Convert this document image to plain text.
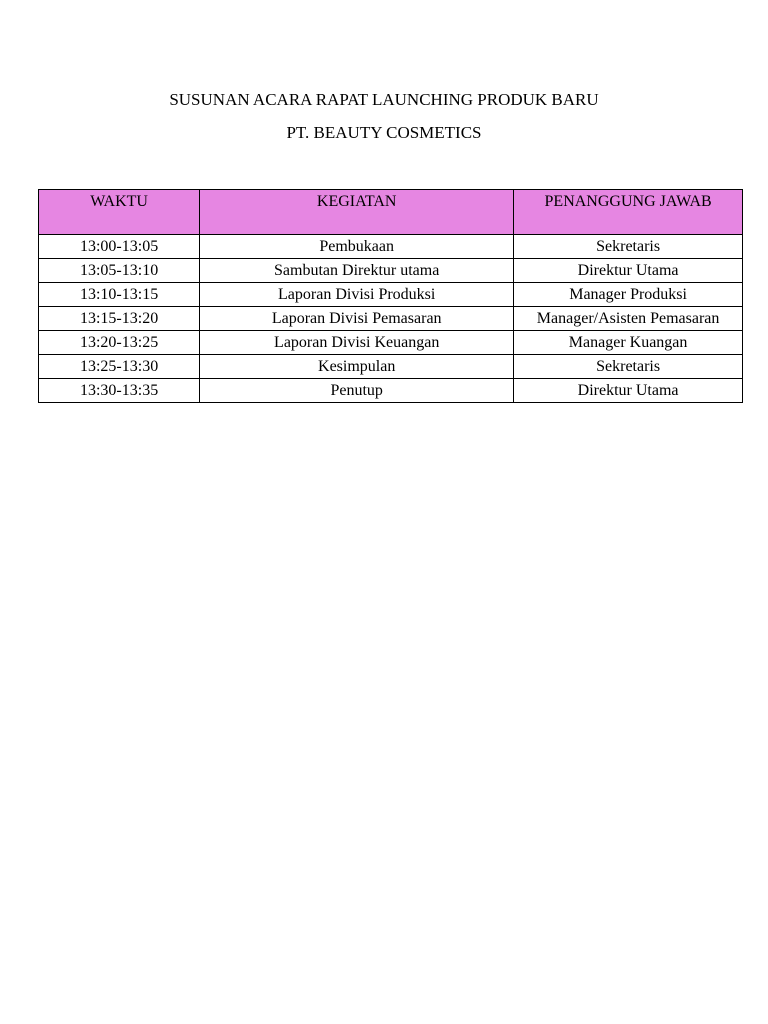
SUSUNAN ACARA RAPAT LAUNCHING PRODUK BARU
PT. BEAUTY COSMETICS
WAKTU	KEGIATAN	PENANGGUNG JAWAB
13:00-13:05	Pembukaan	Sekretaris
13:05-13:10	Sambutan Direktur utama	Direktur Utama
13:10-13:15	Laporan Divisi Produksi	Manager Produksi
13:15-13:20	Laporan Divisi Pemasaran	Manager/Asisten Pemasaran
13:20-13:25	Laporan Divisi Keuangan	Manager Kuangan
13:25-13:30	Kesimpulan	Sekretaris
13:30-13:35	Penutup	Direktur Utama
